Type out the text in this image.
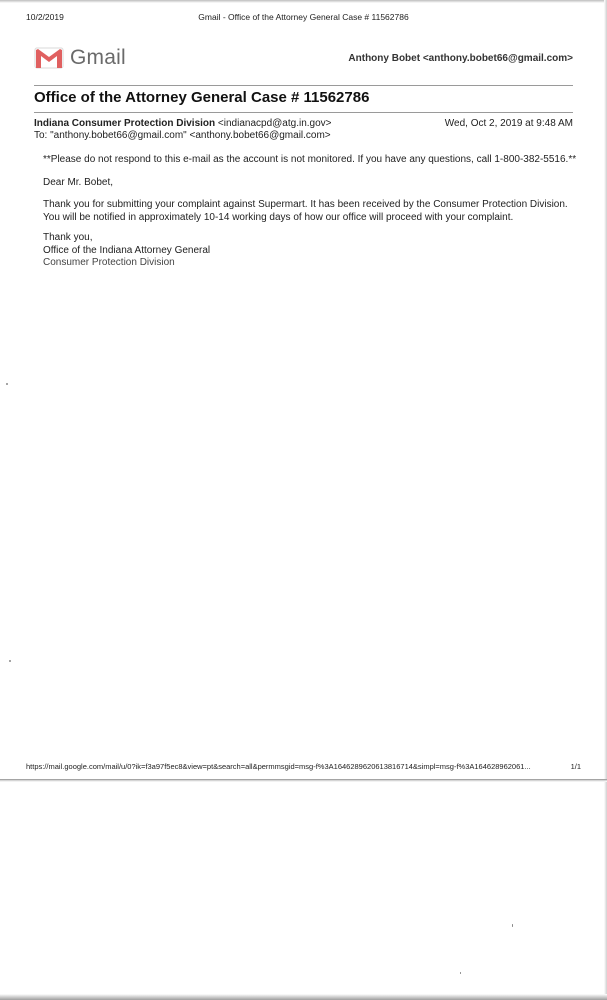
10/2/2019	Gmail - Office of the Attorney General Case # 11562786
Gmail	Anthony Bobet <anthony.bobet66@gmail.com>
Office of the Attorney General Case # 11562786
Indiana Consumer Protection Division <indianacpd@atg.in.gov>	Wed, Oct 2, 2019 at 9:48 AM
To: "anthony.bobet66@gmail.com" <anthony.bobet66@gmail.com>
**Please do not respond to this e-mail as the account is not monitored. If you have any questions, call 1-800-382-5516.**
Dear Mr. Bobet,
Thank you for submitting your complaint against Supermart. It has been received by the Consumer Protection Division.
You will be notified in approximately 10-14 working days of how our office will proceed with your complaint.
Thank you,
Office of the Indiana Attorney General
Consumer Protection Division
https://mail.google.com/mail/u/0?ik=f3a97f5ec8&view=pt&search=all&permmsgid=msg-f%3A1646289620613816714&simpl=msg-f%3A164628962061...	1/1
